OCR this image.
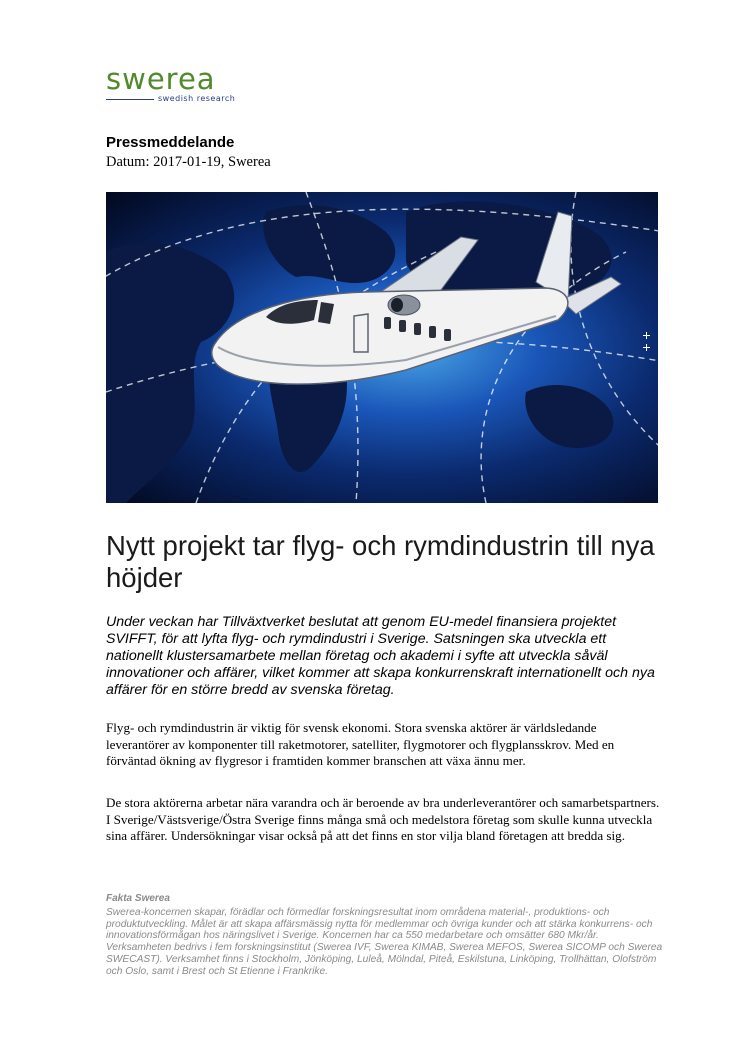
swerea
swedish research
Pressmeddelande
Datum: 2017-01-19, Swerea
Nytt projekt tar flyg- och rymdindustrin till nya höjder

Under veckan har Tillväxtverket beslutat att genom EU-medel finansiera projektet SVIFFT, för att lyfta flyg- och rymdindustri i Sverige. Satsningen ska utveckla ett nationellt klustersamarbete mellan företag och akademi i syfte att utveckla såväl innovationer och affärer, vilket kommer att skapa konkurrenskraft internationellt och nya affärer för en större bredd av svenska företag.

Flyg- och rymdindustrin är viktig för svensk ekonomi. Stora svenska aktörer är världsledande leverantörer av komponenter till raketmotorer, satelliter, flygmotorer och flygplansskrov. Med en förväntad ökning av flygresor i framtiden kommer branschen att växa ännu mer.

De stora aktörerna arbetar nära varandra och är beroende av bra underleverantörer och samarbetspartners. I Sverige/Västsverige/Östra Sverige finns många små och medelstora företag som skulle kunna utveckla sina affärer. Undersökningar visar också på att det finns en stor vilja bland företagen att bredda sig.

Fakta Swerea

Swerea-koncernen skapar, förädlar och förmedlar forskningsresultat inom områdena material-, produktions- och produktutveckling. Målet är att skapa affärsmässig nytta för medlemmar och övriga kunder och att stärka konkurrens- och innovationsförmågan hos näringslivet i Sverige. Koncernen har ca 550 medarbetare och omsätter 680 Mkr/år. Verksamheten bedrivs i fem forskningsinstitut (Swerea IVF, Swerea KIMAB, Swerea MEFOS, Swerea SICOMP och Swerea SWECAST). Verksamhet finns i Stockholm, Jönköping, Luleå, Mölndal, Piteå, Eskilstuna, Linköping, Trollhättan, Olofström och Oslo, samt i Brest och St Etienne i Frankrike.
